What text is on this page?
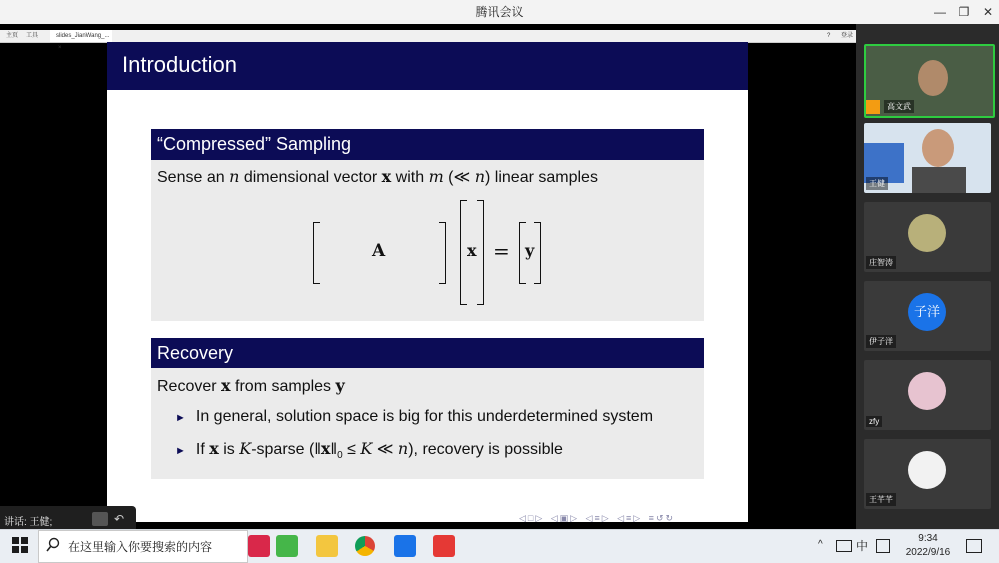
腾讯会议	—	❐	✕
主页 工具	slides_JianWang_... ×
? 登录
Introduction
“Compressed” Sampling
Sense an n dimensional vector x with m (≪ n) linear samples
A	x = y
Recovery
Recover x from samples y
► In general, solution space is big for this underdetermined system
► If x is K-sparse ($‖x‖_0 \le K$ ≪ n), recovery is possible
◁□▷ ◁▣▷ ◁≡▷ ◁≡▷ ≡↺↻
高文武
王健
庄智涛
子洋
伊子洋
zfy
王芊芊
讲话: 王健;	↶
在这里输入你要搜索的内容	^	中
9:34
2022/9/16
